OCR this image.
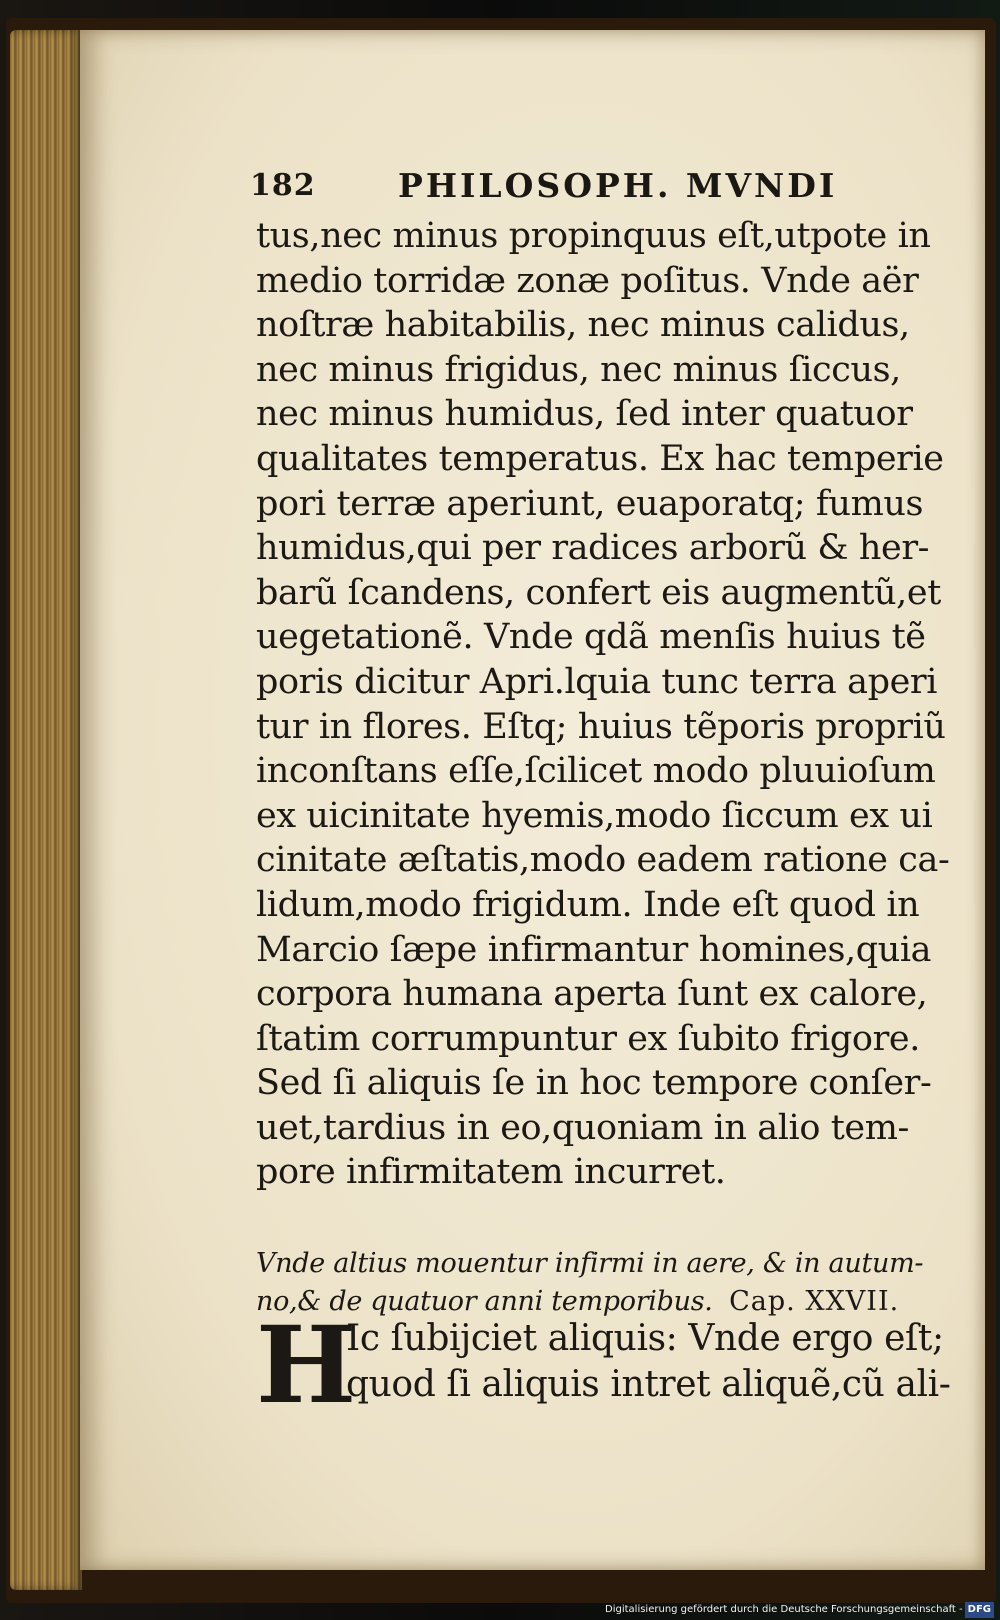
182 PHILOSOPH. MVNDI
tus,nec minus propinquus eſt,utpote in
medio torridæ zonæ poſitus. Vnde aër
noſtræ habitabilis, nec minus calidus,
nec minus frigidus, nec minus ſiccus,
nec minus humidus, ſed inter quatuor
qualitates temperatus. Ex hac temperie
pori terræ aperiunt, euaporatq; fumus
humidus,qui per radices arborũ & her-
barũ ſcandens, confert eis augmentũ,et
uegetationẽ. Vnde qdã menſis huius tẽ
poris dicitur Apri.lquia tunc terra aperi
tur in flores. Eſtq; huius tẽporis propriũ
inconſtans eſſe,ſcilicet modo pluuioſum
ex uicinitate hyemis,modo ſiccum ex ui
cinitate æſtatis,modo eadem ratione ca-
lidum,modo frigidum. Inde eſt quod in
Marcio ſæpe infirmantur homines,quia
corpora humana aperta ſunt ex calore,
ſtatim corrumpuntur ex ſubito frigore.
Sed ſi aliquis ſe in hoc tempore conſer-
uet,tardius in eo,quoniam in alio tem-
pore infirmitatem incurret.
Vnde altius mouentur infirmi in aere, & in autum-
no,& de quatuor anni temporibus. Cap. XXVII.
H
Ic ſubijciet aliquis: Vnde ergo eſt;
quod ſi aliquis intret aliquẽ,cũ ali-
Digitalisierung gefördert durch die Deutsche Forschungsgemeinschaft - DFG
